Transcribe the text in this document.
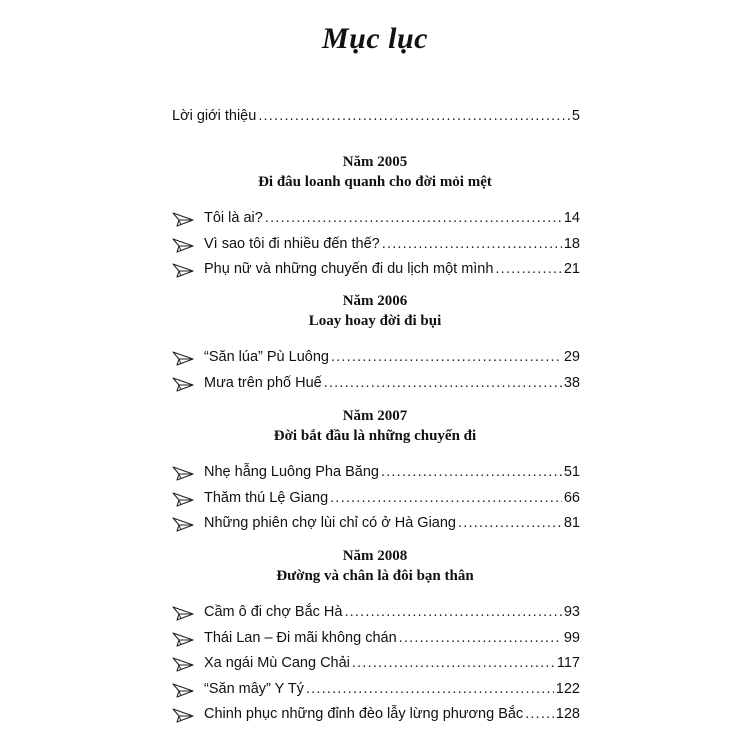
Mục lục
Lời giới thiệu .....	5
Năm 2005
Đi đâu loanh quanh cho đời mỏi mệt
Tôi là ai? .....	14
Vì sao tôi đi nhiều đến thế? .....	18
Phụ nữ và những chuyến đi du lịch một mình .....	21
Năm 2006
Loay hoay đời đi bụi
“Săn lúa” Pù Luông .....	29
Mưa trên phố Huế .....	38
Năm 2007
Đời bắt đầu là những chuyến đi
Nhẹ hẫng Luông Pha Băng .....	51
Thăm thú Lệ Giang .....	66
Những phiên chợ lùi chỉ có ở Hà Giang .....	81
Năm 2008
Đường và chân là đôi bạn thân
Cầm ô đi chợ Bắc Hà .....	93
Thái Lan – Đi mãi không chán .....	99
Xa ngái Mù Cang Chải .....	117
“Săn mây” Y Tý .....	122
Chinh phục những đỉnh đèo lẫy lừng phương Bắc ..... 128
